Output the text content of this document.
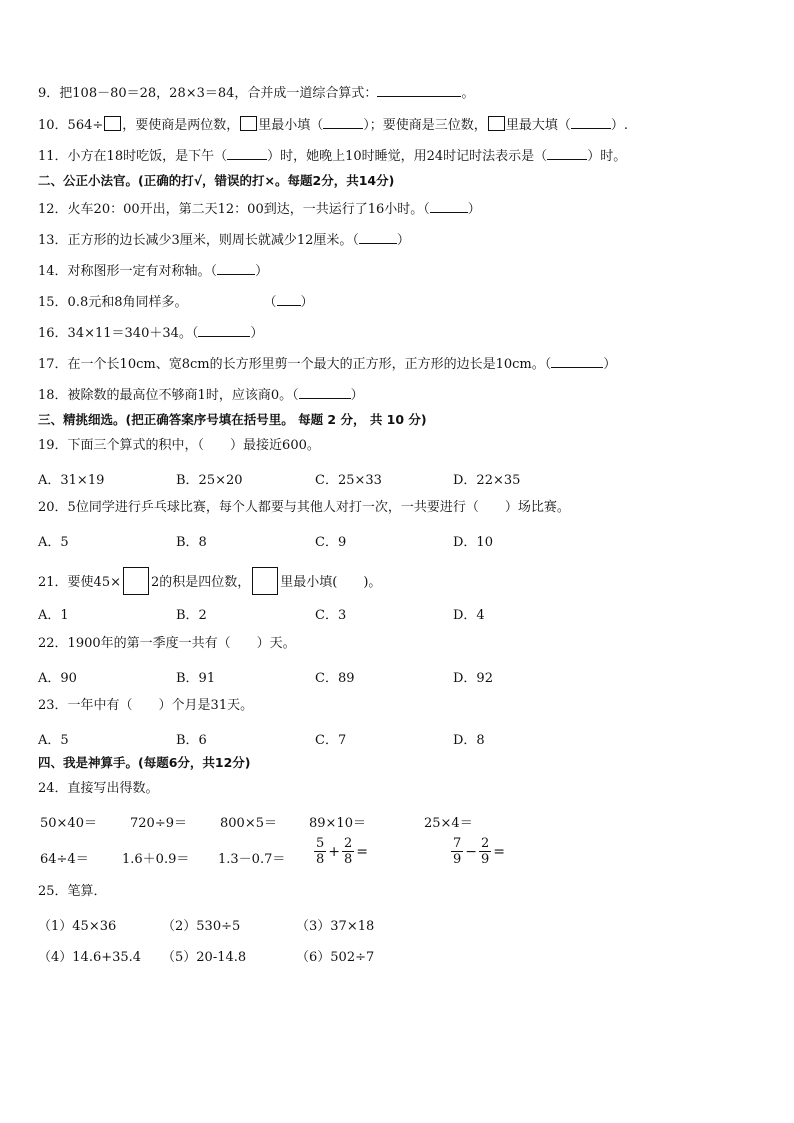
9．把108－80＝28，28×3＝84，合并成一道综合算式：	。
10．564÷ ，要使商是两位数， 里最小填（	）；要使商是三位数， 里最大填（	）.
11．小方在18时吃饭，是下午（	）时，她晚上10时睡觉，用24时记时法表示是（	）时。
二、公正小法官。(正确的打√，错误的打×。每题2分，共14分)
12．火车20：00开出，第二天12：00到达，一共运行了16小时。（	）
13．正方形的边长减少3厘米，则周长就减少12厘米。（	）
14．对称图形一定有对称轴。（	）
15．0.8元和8角同样多。	（ ）
16．34×11＝340＋34。（	）
17．在一个长10cm、宽8cm的长方形里剪一个最大的正方形，正方形的边长是10cm。（	）
18．被除数的最高位不够商1时，应该商0。（	）
三、精挑细选。(把正确答案序号填在括号里。 每题 2 分， 共 10 分)
19．下面三个算式的积中，（　　）最接近600。
A．31×19	B．25×20	C．25×33	D．22×35
20．5位同学进行乒乓球比赛，每个人都要与其他人对打一次，一共要进行（　　）场比赛。
A．5	B．8	C．9	D．10
21．要使45× 2的积是四位数， 里最小填(　　)。
A．1	B．2	C．3	D．4
22．1900年的第一季度一共有（　　）天。
A．90	B．91	C．89	D．92
23．一年中有（　　）个月是31天。
A．5	B．6	C．7	D．8
四、我是神算手。(每题6分，共12分)
24．直接写出得数。
50×40＝	720÷9＝	800×5＝ 89×10＝	25×4＝
64÷4＝	$1.6+0.9= 1.3-0.7= \frac{5}{8} + \frac{2}{8}$ =	$\frac{7}{9} - \frac{2}{9}$ =
25．笔算．
（1）45×36	（2）530÷5	（3）37×18
（4）14.6+35.4 （5）20-14.8	（6）502÷7
